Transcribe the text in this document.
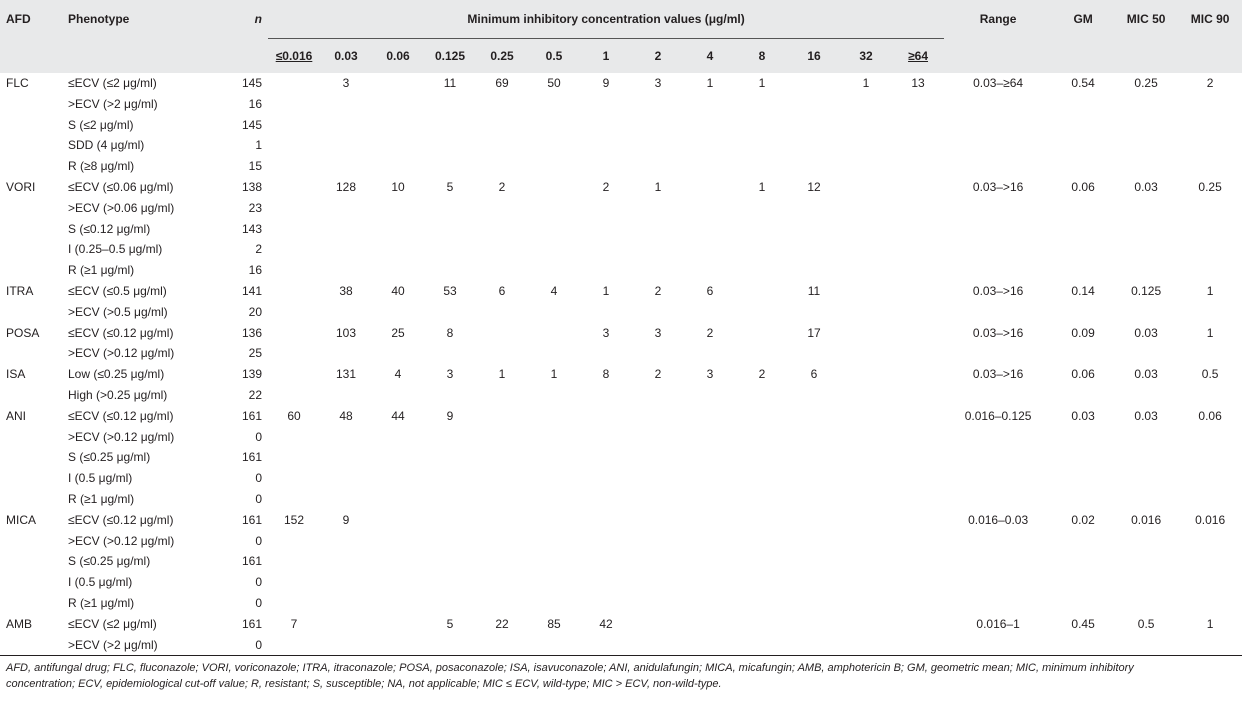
AFD	Phenotype	n	Minimum inhibitory concentration values (μg/ml)													Range	GM	MIC 50	MIC 90
			≤0.016	0.03	0.06	0.125	0.25	0.5	1	2	4	8	16	32	≥64				
FLC	≤ECV (≤2 μg/ml)	145		3		11	69	50	9	3	1	1		1	13	0.03–≥64	0.54	0.25	2
	>ECV (>2 μg/ml)	16																	
	S (≤2 μg/ml)	145																	
	SDD (4 μg/ml)	1																	
	R (≥8 μg/ml)	15																	
VORI	≤ECV (≤0.06 μg/ml)	138		128	10	5	2		2	1		1	12			0.03–>16	0.06	0.03	0.25
	>ECV (>0.06 μg/ml)	23																	
	S (≤0.12 μg/ml)	143																	
	I (0.25–0.5 μg/ml)	2																	
	R (≥1 μg/ml)	16																	
ITRA	≤ECV (≤0.5 μg/ml)	141		38	40	53	6	4	1	2	6		11			0.03–>16	0.14	0.125	1
	>ECV (>0.5 μg/ml)	20																	
POSA	≤ECV (≤0.12 μg/ml)	136		103	25	8			3	3	2		17			0.03–>16	0.09	0.03	1
	>ECV (>0.12 μg/ml)	25																	
ISA	Low (≤0.25 μg/ml)	139		131	4	3	1	1	8	2	3	2	6			0.03–>16	0.06	0.03	0.5
	High (>0.25 μg/ml)	22																	
ANI	≤ECV (≤0.12 μg/ml)	161	60	48	44	9										0.016–0.125	0.03	0.03	0.06
	>ECV (>0.12 μg/ml)	0																	
	S (≤0.25 μg/ml)	161																	
	I (0.5 μg/ml)	0																	
	R (≥1 μg/ml)	0																	
MICA	≤ECV (≤0.12 μg/ml)	161	152	9												0.016–0.03	0.02	0.016	0.016
	>ECV (>0.12 μg/ml)	0																	
	S (≤0.25 μg/ml)	161																	
	I (0.5 μg/ml)	0																	
	R (≥1 μg/ml)	0																	
AMB	≤ECV (≤2 μg/ml)	161	7			5	22	85	42							0.016–1	0.45	0.5	1
	>ECV (>2 μg/ml)	0																	
AFD, antifungal drug; FLC, fluconazole; VORI, voriconazole; ITRA, itraconazole; POSA, posaconazole; ISA, isavuconazole; ANI, anidulafungin; MICA, micafungin; AMB, amphotericin B; GM, geometric mean; MIC, minimum inhibitory concentration; ECV, epidemiological cut-off value; R, resistant; S, susceptible; NA, not applicable; MIC ≤ ECV, wild-type; MIC > ECV, non-wild-type.
